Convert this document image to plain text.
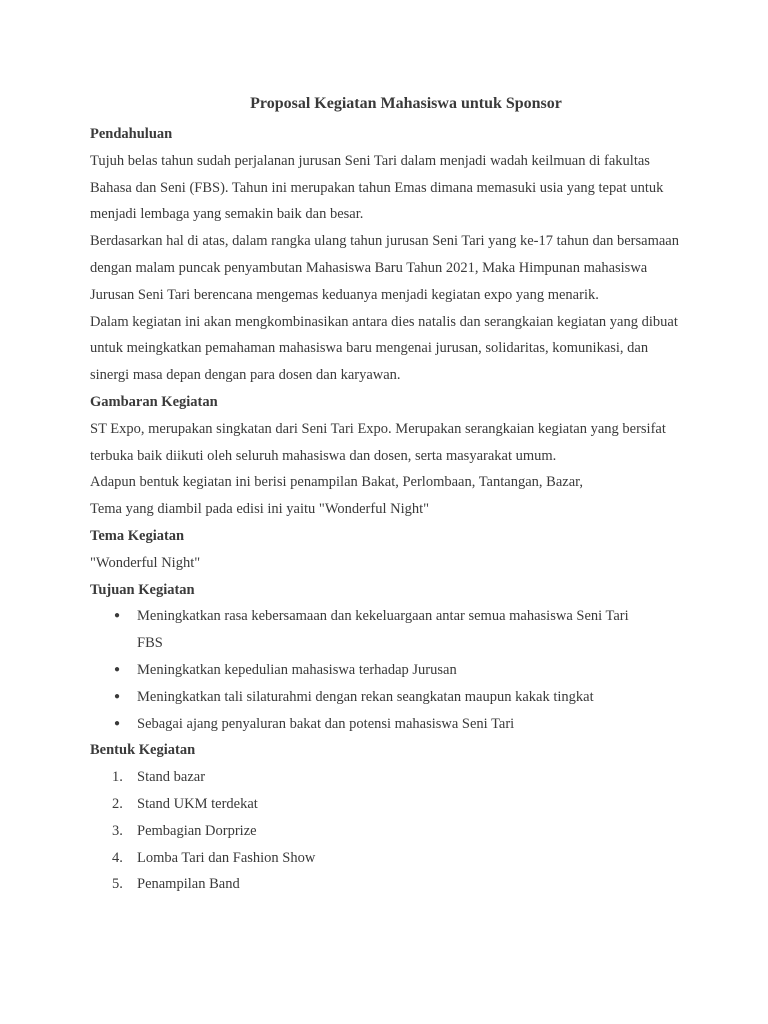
Proposal Kegiatan Mahasiswa untuk Sponsor
Pendahuluan

Tujuh belas tahun sudah perjalanan jurusan Seni Tari dalam menjadi wadah keilmuan di fakultas Bahasa dan Seni (FBS). Tahun ini merupakan tahun Emas dimana memasuki usia yang tepat untuk menjadi lembaga yang semakin baik dan besar.

Berdasarkan hal di atas, dalam rangka ulang tahun jurusan Seni Tari yang ke-17 tahun dan bersamaan dengan malam puncak penyambutan Mahasiswa Baru Tahun 2021, Maka Himpunan mahasiswa Jurusan Seni Tari berencana mengemas keduanya menjadi kegiatan expo yang menarik.

Dalam kegiatan ini akan mengkombinasikan antara dies natalis dan serangkaian kegiatan yang dibuat untuk meingkatkan pemahaman mahasiswa baru mengenai jurusan, solidaritas, komunikasi, dan sinergi masa depan dengan para dosen dan karyawan.

Gambaran Kegiatan

ST Expo, merupakan singkatan dari Seni Tari Expo. Merupakan serangkaian kegiatan yang bersifat terbuka baik diikuti oleh seluruh mahasiswa dan dosen, serta masyarakat umum.

Adapun bentuk kegiatan ini berisi penampilan Bakat, Perlombaan, Tantangan, Bazar,

Tema yang diambil pada edisi ini yaitu "Wonderful Night"

Tema Kegiatan

"Wonderful Night"

Tujuan Kegiatan
● Meningkatkan rasa kebersamaan dan kekeluargaan antar semua mahasiswa Seni Tari FBS
● Meningkatkan kepedulian mahasiswa terhadap Jurusan
● Meningkatkan tali silaturahmi dengan rekan seangkatan maupun kakak tingkat
● Sebagai ajang penyaluran bakat dan potensi mahasiswa Seni Tari
Bentuk Kegiatan
1. Stand bazar
2. Stand UKM terdekat
3. Pembagian Dorprize
4. Lomba Tari dan Fashion Show
5. Penampilan Band
